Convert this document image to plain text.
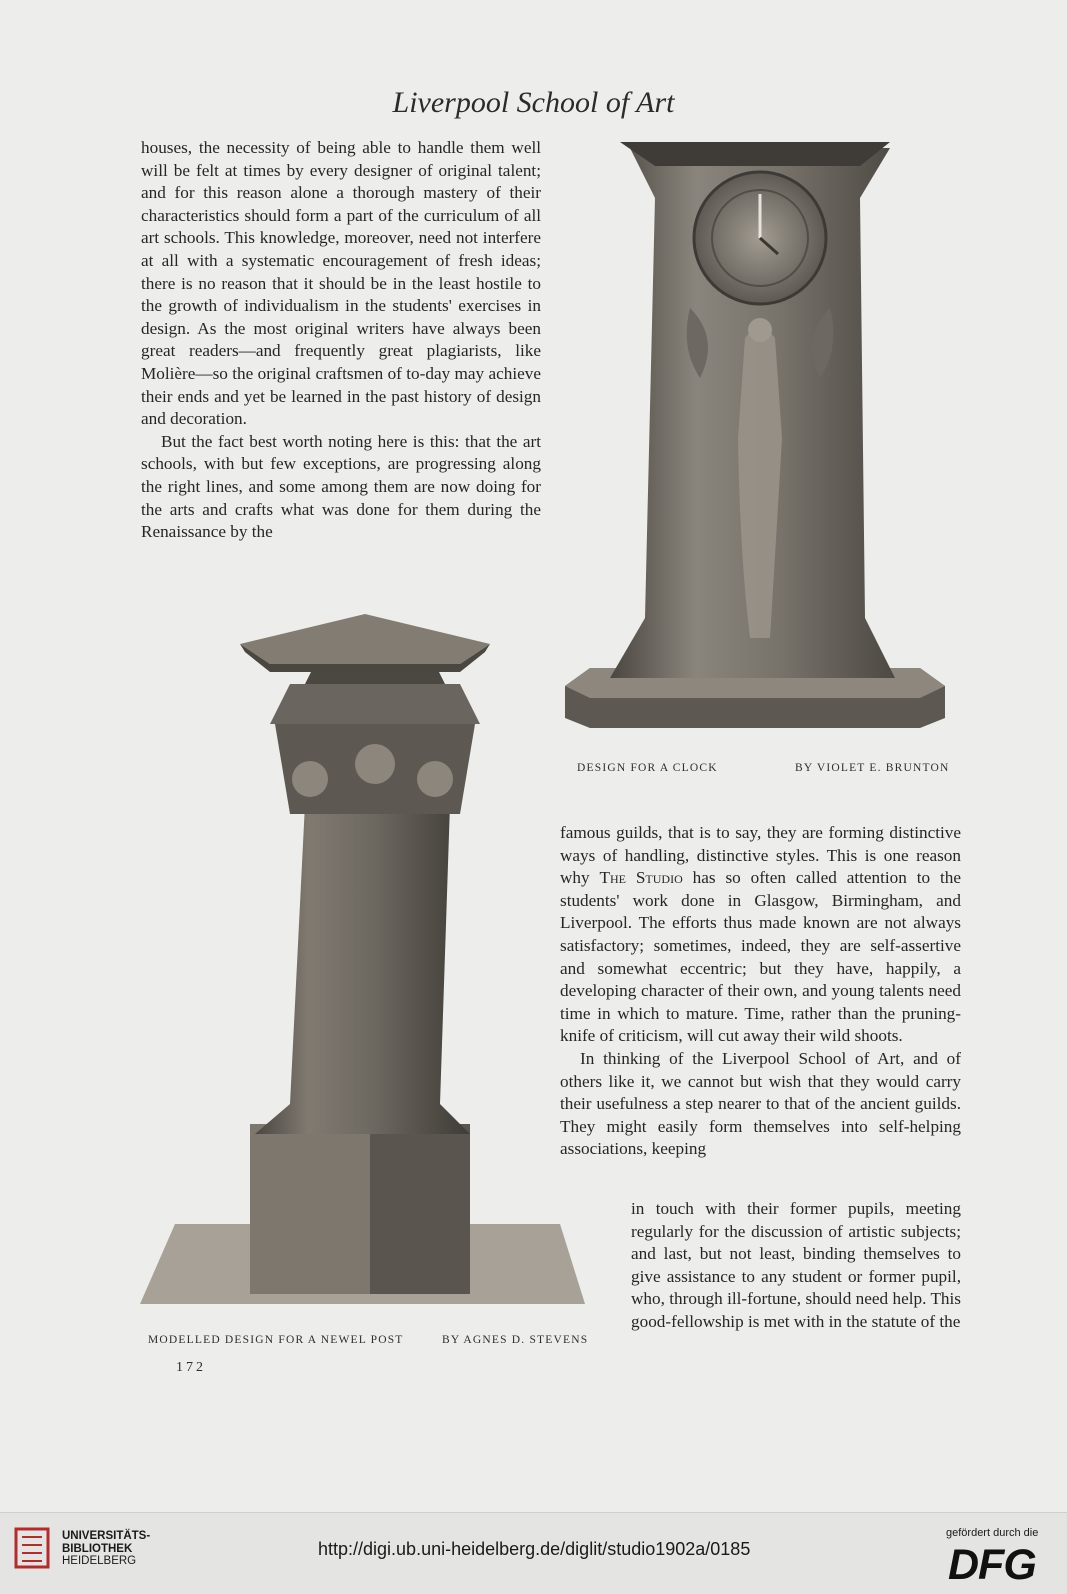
Liverpool School of Art

houses, the necessity of being able to handle them well will be felt at times by every designer of original talent; and for this reason alone a thorough mastery of their characteristics should form a part of the curriculum of all art schools. This knowledge, moreover, need not interfere at all with a systematic encouragement of fresh ideas; there is no reason that it should be in the least hostile to the growth of individualism in the students' exercises in design. As the most original writers have always been great readers—and frequently great plagiarists, like Molière—so the original craftsmen of to-day may achieve their ends and yet be learned in the past history of design and decoration.

But the fact best worth noting here is this: that the art schools, with but few exceptions, are progressing along the right lines, and some among them are now doing for the arts and crafts what was done for them during the Renaissance by the

DESIGN FOR A CLOCK	BY VIOLET E. BRUNTON
MODELLED DESIGN FOR A NEWEL POST	BY AGNES D. STEVENS

famous guilds, that is to say, they are forming distinctive ways of handling, distinctive styles. This is one reason why The Studio has so often called attention to the students' work done in Glasgow, Birmingham, and Liverpool. The efforts thus made known are not always satisfactory; sometimes, indeed, they are self-assertive and somewhat eccentric; but they have, happily, a developing character of their own, and young talents need time in which to mature. Time, rather than the pruning-knife of criticism, will cut away their wild shoots.

In thinking of the Liverpool School of Art, and of others like it, we cannot but wish that they would carry their usefulness a step nearer to that of the ancient guilds. They might easily form themselves into self-helping associations, keeping

in touch with their former pupils, meeting regularly for the discussion of artistic subjects; and last, but not least, binding themselves to give assistance to any student or former pupil, who, through ill-fortune, should need help. This good-fellowship is met with in the statute of the

172
UNIVERSITÄTS-
BIBLIOTHEK
HEIDELBERG
http://digi.ub.uni-heidelberg.de/diglit/studio1902a/0185
gefördert durch die
DFG
